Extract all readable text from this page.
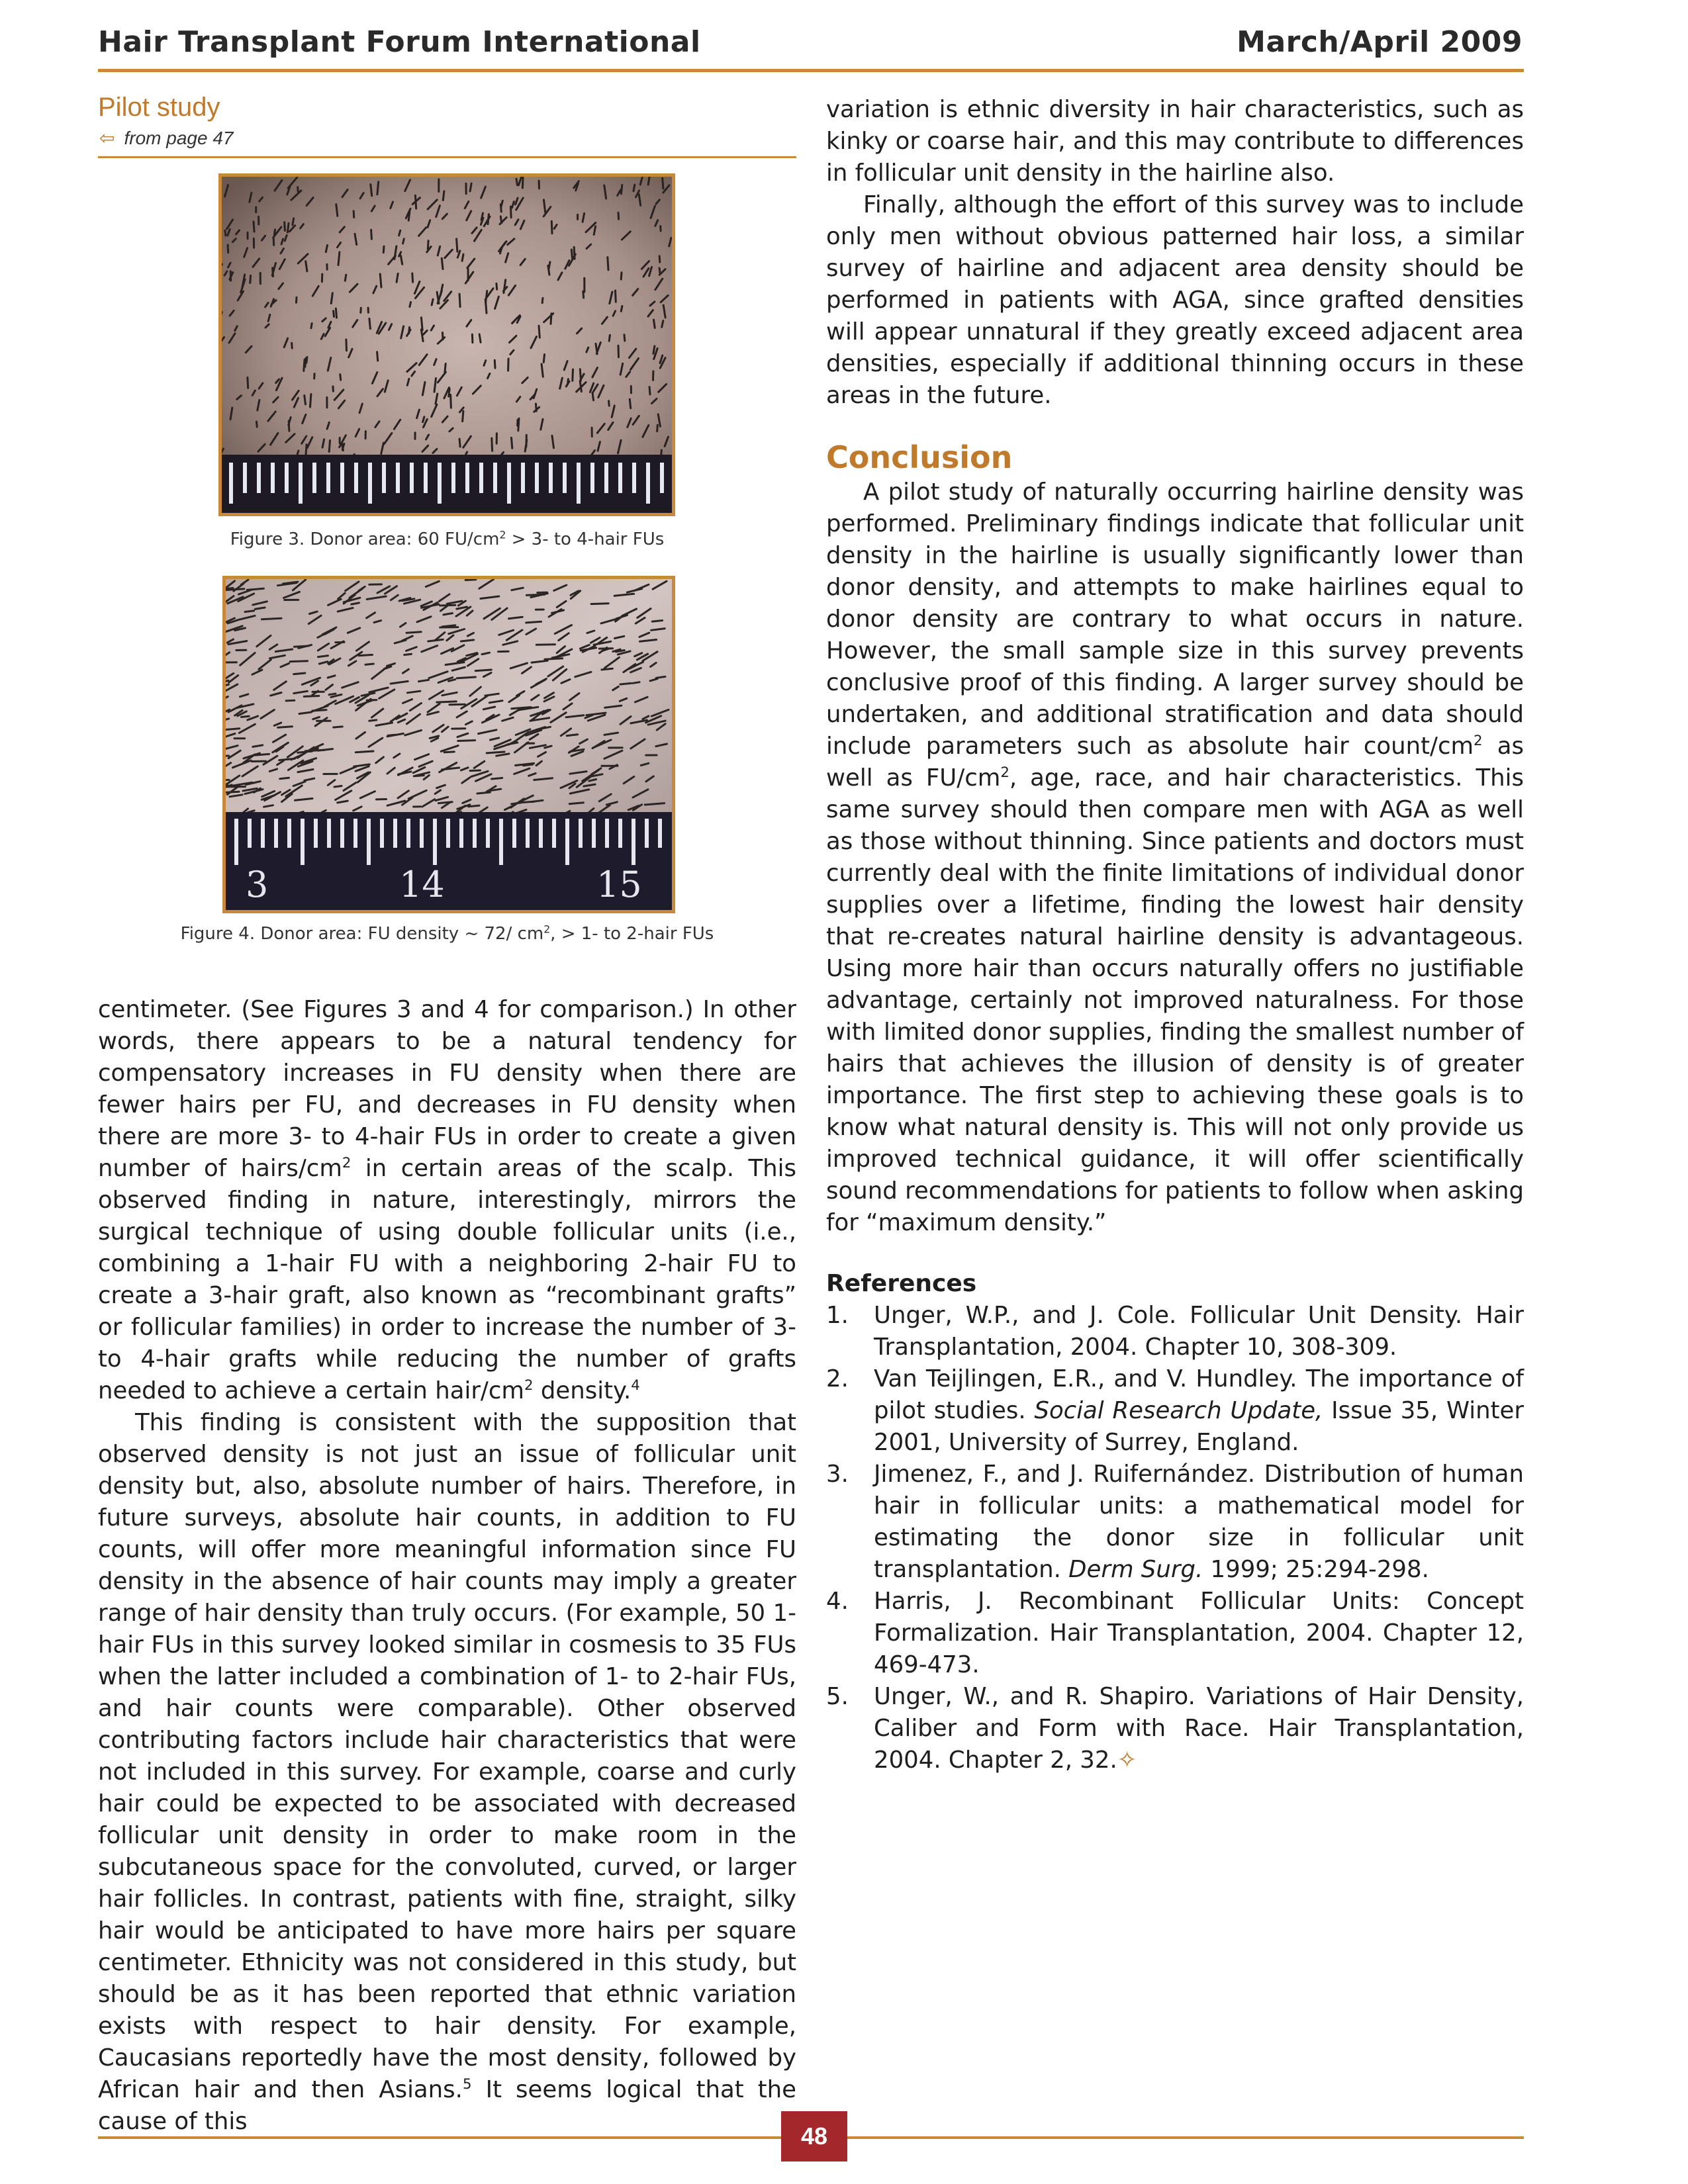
Hair Transplant Forum International	March/April 2009
Pilot study
⇦ from page 47
Figure 3. Donor area: 60 $FU/cm^2 > 3-$ to 4-hair FUs
3	14	15
Figure 4. Donor area: FU density ~ 72/ $cm^2$, > 1- to 2-hair FUs

centimeter. (See Figures 3 and 4 for comparison.) In other words, there appears to be a natural tendency for compensatory increases in FU density when there are fewer hairs per FU, and decreases in FU density when there are more 3- to 4-hair FUs in order to create a given number of hairs/$cm^2$ in certain areas of the scalp. This observed finding in nature, interestingly, mirrors the surgical technique of using double follicular units (i.e., combining a 1-hair FU with a neighboring 2-hair FU to create a 3-hair graft, also known as “recombinant grafts” or follicular families) in order to increase the number of 3- to 4-hair grafts while reducing the number of grafts needed to achieve a certain hair/$cm^2$ density.$^4$

This finding is consistent with the supposition that observed density is not just an issue of follicular unit density but, also, absolute number of hairs. Therefore, in future surveys, absolute hair counts, in addition to FU counts, will offer more meaningful information since FU density in the absence of hair counts may imply a greater range of hair density than truly occurs. (For example, 50 1-hair FUs in this survey looked similar in cosmesis to 35 FUs when the latter included a combination of 1- to 2-hair FUs, and hair counts were comparable). Other observed contributing factors include hair characteristics that were not included in this survey. For example, coarse and curly hair could be expected to be associated with decreased follicular unit density in order to make room in the subcutaneous space for the convoluted, curved, or larger hair follicles. In contrast, patients with fine, straight, silky hair would be anticipated to have more hairs per square centimeter. Ethnicity was not considered in this study, but should be as it has been reported that ethnic variation exists with respect to hair density. For example, Caucasians reportedly have the most density, followed by African hair and then Asians.$^5$ It seems logical that the cause of this

variation is ethnic diversity in hair characteristics, such as kinky or coarse hair, and this may contribute to differences in follicular unit density in the hairline also.

Finally, although the effort of this survey was to include only men without obvious patterned hair loss, a similar survey of hairline and adjacent area density should be performed in patients with AGA, since grafted densities will appear unnatural if they greatly exceed adjacent area densities, especially if additional thinning occurs in these areas in the future.

Conclusion

A pilot study of naturally occurring hairline density was performed. Preliminary findings indicate that follicular unit density in the hairline is usually significantly lower than donor density, and attempts to make hairlines equal to donor density are contrary to what occurs in nature. However, the small sample size in this survey prevents conclusive proof of this finding. A larger survey should be undertaken, and additional stratification and data should include parameters such as absolute hair count/$cm^2$ as well as $FU/cm^2$, age, race, and hair characteristics. This same survey should then compare men with AGA as well as those without thinning. Since patients and doctors must currently deal with the finite limitations of individual donor supplies over a lifetime, finding the lowest hair density that re-creates natural hairline density is advantageous. Using more hair than occurs naturally offers no justifiable advantage, certainly not improved naturalness. For those with limited donor supplies, finding the smallest number of hairs that achieves the illusion of density is of greater importance. The first step to achieving these goals is to know what natural density is. This will not only provide us improved technical guidance, it will offer scientifically sound recommendations for patients to follow when asking for “maximum density.”

References
1. Unger, W.P., and J. Cole. Follicular Unit Density. Hair Transplantation, 2004. Chapter 10, 308-309.
2. Van Teijlingen, E.R., and V. Hundley. The importance of pilot studies. Social Research Update, Issue 35, Winter 2001, University of Surrey, England.
3. Jimenez, F., and J. Ruifernández. Distribution of human hair in follicular units: a mathematical model for estimating the donor size in follicular unit transplantation. Derm Surg. 1999; 25:294-298.
4. Harris, J. Recombinant Follicular Units: Concept Formalization. Hair Transplantation, 2004. Chapter 12, 469-473.
5. Unger, W., and R. Shapiro. Variations of Hair Density, Caliber and Form with Race. Hair Transplantation, 2004. Chapter 2, 32.✧
48
